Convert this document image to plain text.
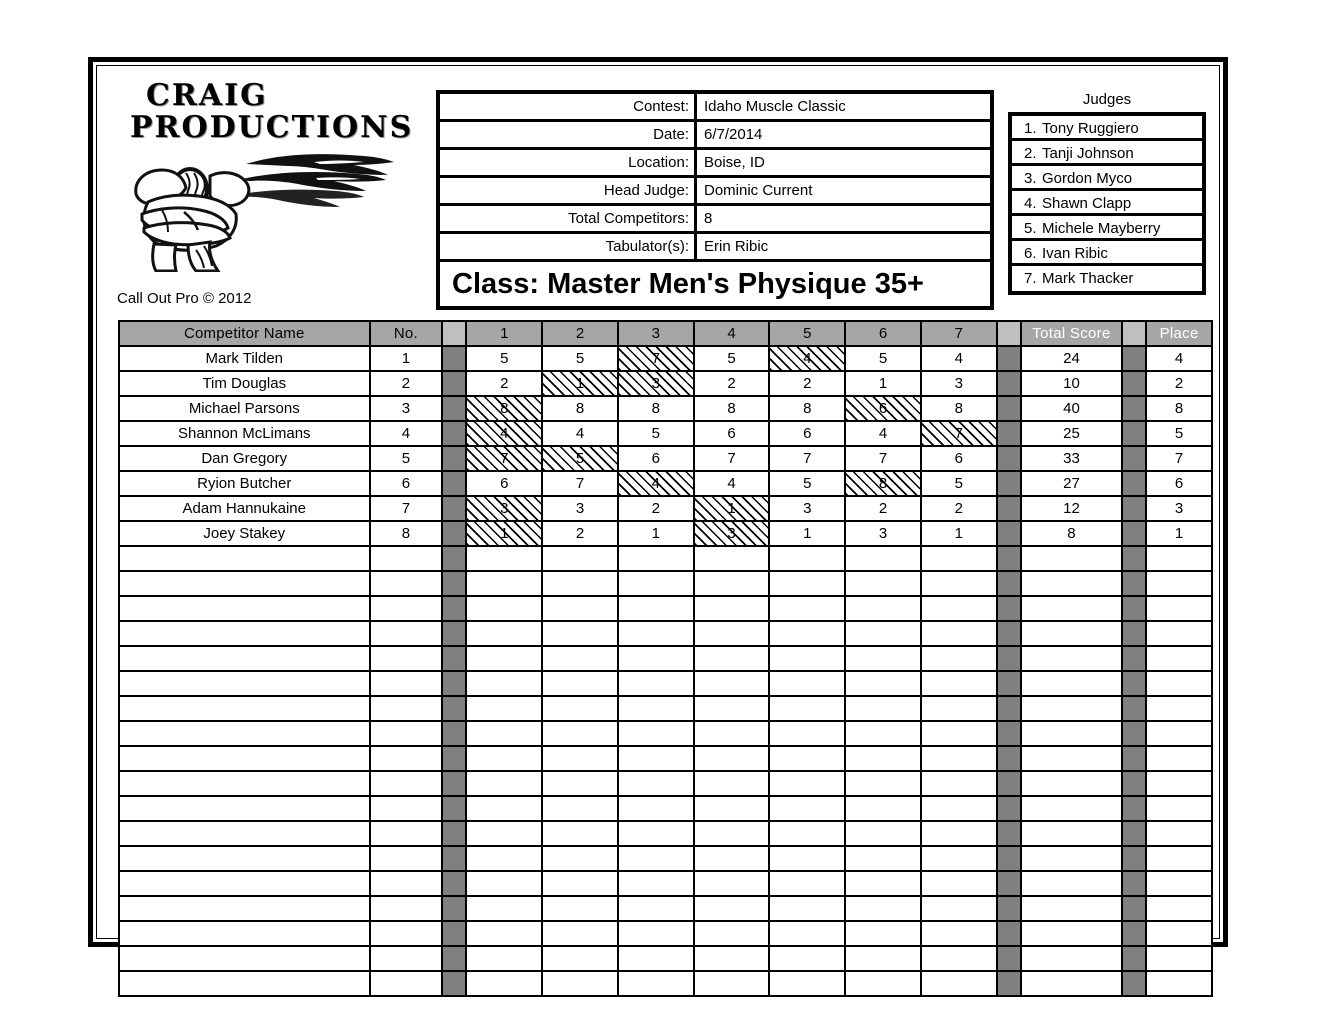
CRAIG
PRODUCTIONS
Call Out Pro © 2012
Contest:	Idaho Muscle Classic
Date:	6/7/2014
Location:	Boise, ID
Head Judge:	Dominic Current
Total Competitors:	8
Tabulator(s):	Erin Ribic
Class: Master Men's Physique 35+
Judges
1. Tony Ruggiero
2. Tanji Johnson
3. Gordon Myco
4. Shawn Clapp
5. Michele Mayberry
6. Ivan Ribic
7. Mark Thacker
Competitor Name	No.		1	2	3	4	5	6	7		Total Score		Place
Mark Tilden	1		5	5	7	5	4	5	4		24		4
Tim Douglas	2		2	1	3	2	2	1	3		10		2
Michael Parsons	3		8	8	8	8	8	6	8		40		8
Shannon McLimans	4		4	4	5	6	6	4	7		25		5
Dan Gregory	5		7	5	6	7	7	7	6		33		7
Ryion Butcher	6		6	7	4	4	5	8	5		27		6
Adam Hannukaine	7		3	3	2	1	3	2	2		12		3
Joey Stakey	8		1	2	1	3	1	3	1		8		1
